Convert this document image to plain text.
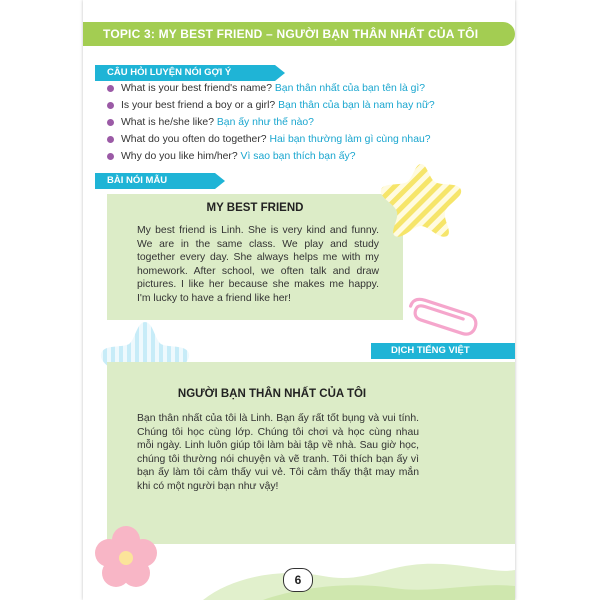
TOPIC 3: MY BEST FRIEND – NGƯỜI BẠN THÂN NHẤT CỦA TÔI
CÂU HỎI LUYỆN NÓI GỢI Ý
What is your best friend's name? Bạn thân nhất của bạn tên là gì?
Is your best friend a boy or a girl? Bạn thân của bạn là nam hay nữ?
What is he/she like? Bạn ấy như thế nào?
What do you often do together? Hai bạn thường làm gì cùng nhau?
Why do you like him/her? Vì sao bạn thích bạn ấy?
BÀI NÓI MẪU
MY BEST FRIEND

My best friend is Linh. She is very kind and funny. We are in the same class. We play and study together every day. She always helps me with my homework. After school, we often talk and draw pictures. I like her because she makes me happy. I'm lucky to have a friend like her!

DỊCH TIẾNG VIỆT
NGƯỜI BẠN THÂN NHẤT CỦA TÔI

Bạn thân nhất của tôi là Linh. Bạn ấy rất tốt bụng và vui tính. Chúng tôi học cùng lớp. Chúng tôi chơi và học cùng nhau mỗi ngày. Linh luôn giúp tôi làm bài tập về nhà. Sau giờ học, chúng tôi thường nói chuyện và vẽ tranh. Tôi thích bạn ấy vì bạn ấy làm tôi cảm thấy vui vẻ. Tôi cảm thấy thật may mắn khi có một người bạn như vậy!

6
